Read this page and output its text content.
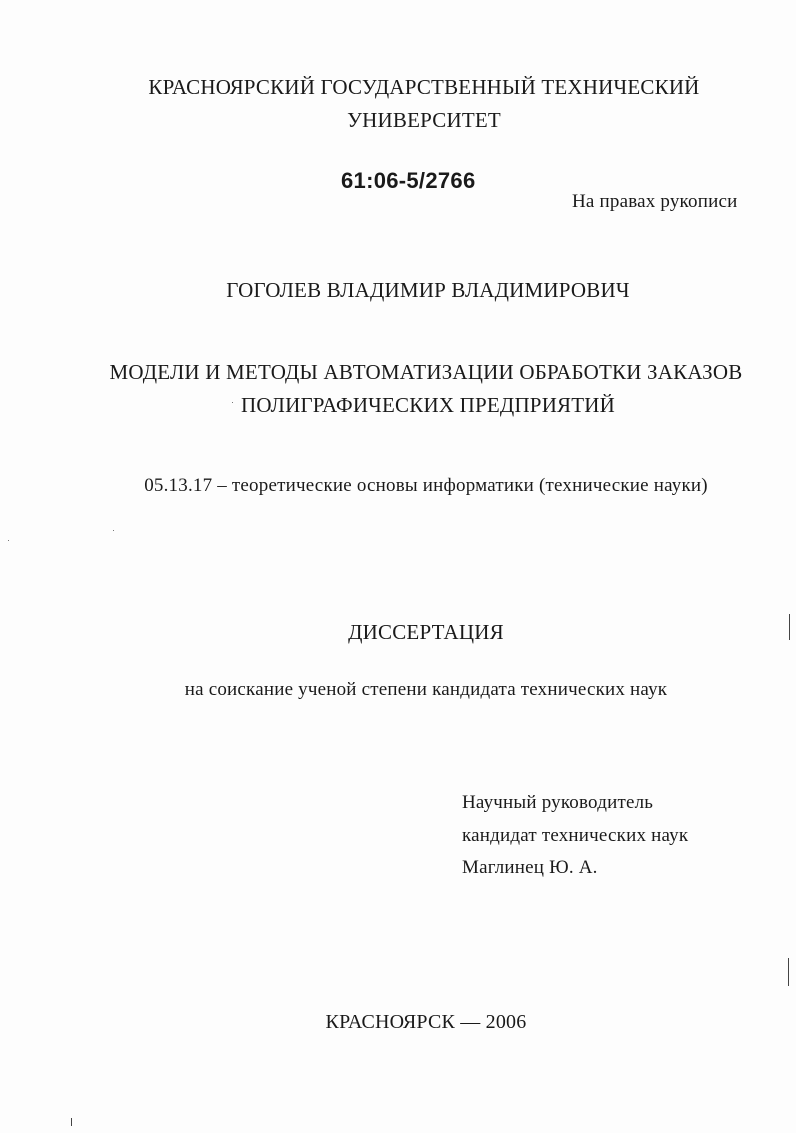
КРАСНОЯРСКИЙ ГОСУДАРСТВЕННЫЙ ТЕХНИЧЕСКИЙ
УНИВЕРСИТЕТ
61:06-5/2766
На правах рукописи
ГОГОЛЕВ ВЛАДИМИР ВЛАДИМИРОВИЧ
МОДЕЛИ И МЕТОДЫ АВТОМАТИЗАЦИИ ОБРАБОТКИ ЗАКАЗОВ
ПОЛИГРАФИЧЕСКИХ ПРЕДПРИЯТИЙ
05.13.17 – теоретические основы информатики (технические науки)
ДИССЕРТАЦИЯ
на соискание ученой степени кандидата технических наук
Научный руководитель
кандидат технических наук
Маглинец Ю. А.
КРАСНОЯРСК — 2006
